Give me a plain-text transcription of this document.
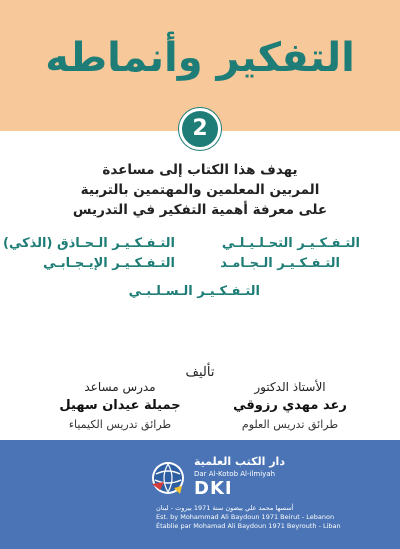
التفكير وأنماطه
2
يهدف هذا الكتاب إلى مساعدة
المربين المعلمين والمهتمين بالتربية
على معرفة أهمية التفكير في التدريس
التـفـكـيـر التحـلـيـلـي
التـفـكـيـر الـحـاذق (الذكي)
التـفـكـيـر الـجـامـد
التـفـكـيـر الإيـجـابـي
التـفـكـيـر الـسـلـبـي
تأليف
الأستاذ الدكتور
رعد مهدي رزوقي
طرائق تدريس العلوم
مدرس مساعد
جميلة عيدان سهيل
طرائق تدريس الكيمياء
دار الكتب العلمية
Dar Al-Kotob Al-ilmiyah
DKI
أسسها محمد علي بيضون سنة 1971 بيروت - لبنان
Est. by Mohammad Ali Baydoun 1971 Beirut - Lebanon
Établie par Mohamad Ali Baydoun 1971 Beyrouth - Liban
